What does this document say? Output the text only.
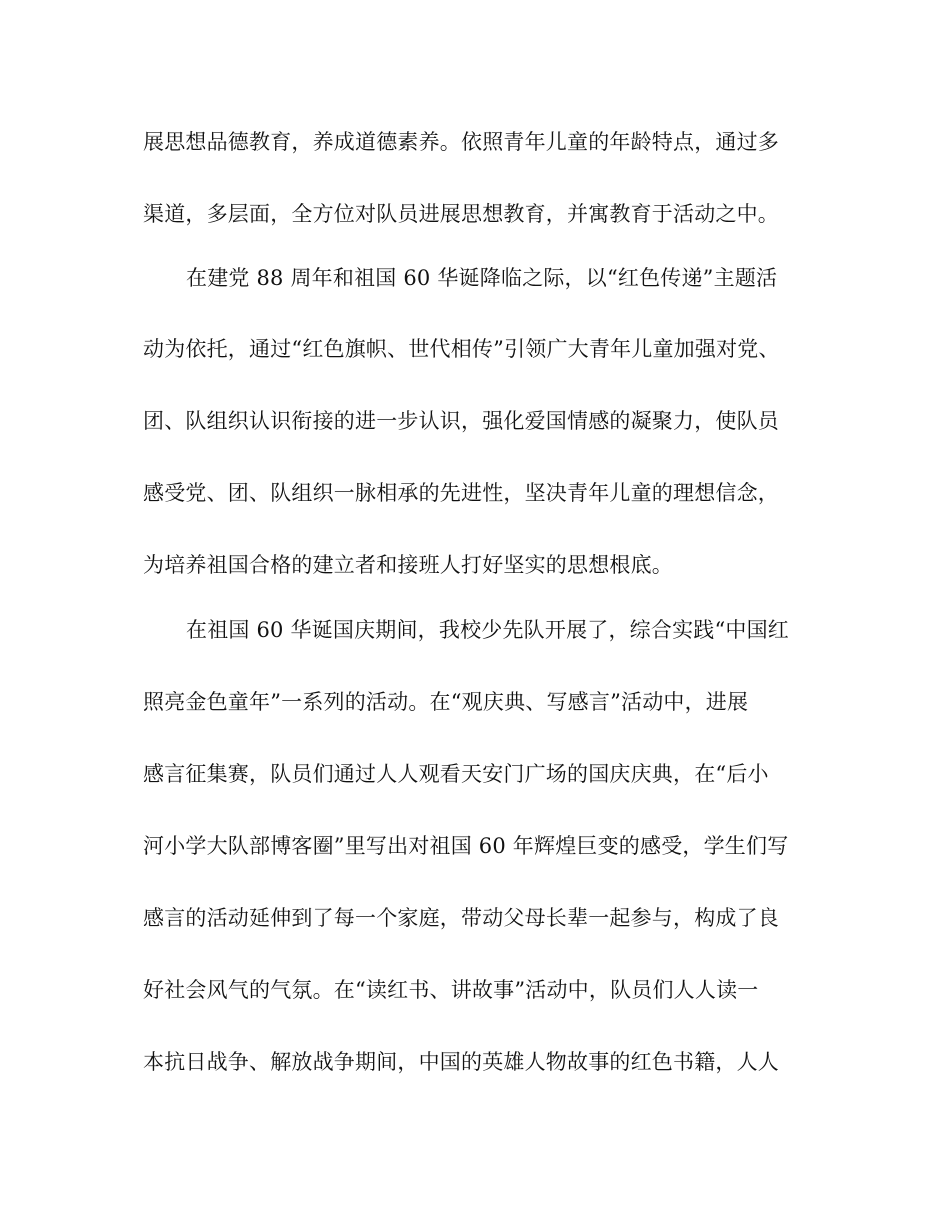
展思想品德教育，养成道德素养。依照青年儿童的年龄特点，通过多
渠道，多层面，全方位对队员进展思想教育，并寓教育于活动之中。
在建党 88 周年和祖国 60 华诞降临之际，以“红色传递”主题活
动为依托，通过“红色旗帜、世代相传”引领广大青年儿童加强对党、
团、队组织认识衔接的进一步认识，强化爱国情感的凝聚力，使队员
感受党、团、队组织一脉相承的先进性，坚决青年儿童的理想信念，
为培养祖国合格的建立者和接班人打好坚实的思想根底。
在祖国 60 华诞国庆期间，我校少先队开展了，综合实践“中国红
照亮金色童年”一系列的活动。在“观庆典、写感言”活动中，进展
感言征集赛，队员们通过人人观看天安门广场的国庆庆典，在“后小
河小学大队部博客圈”里写出对祖国 60 年辉煌巨变的感受，学生们写
感言的活动延伸到了每一个家庭，带动父母长辈一起参与，构成了良
好社会风气的气氛。在“读红书、讲故事”活动中，队员们人人读一
本抗日战争、解放战争期间，中国的英雄人物故事的红色书籍，人人
